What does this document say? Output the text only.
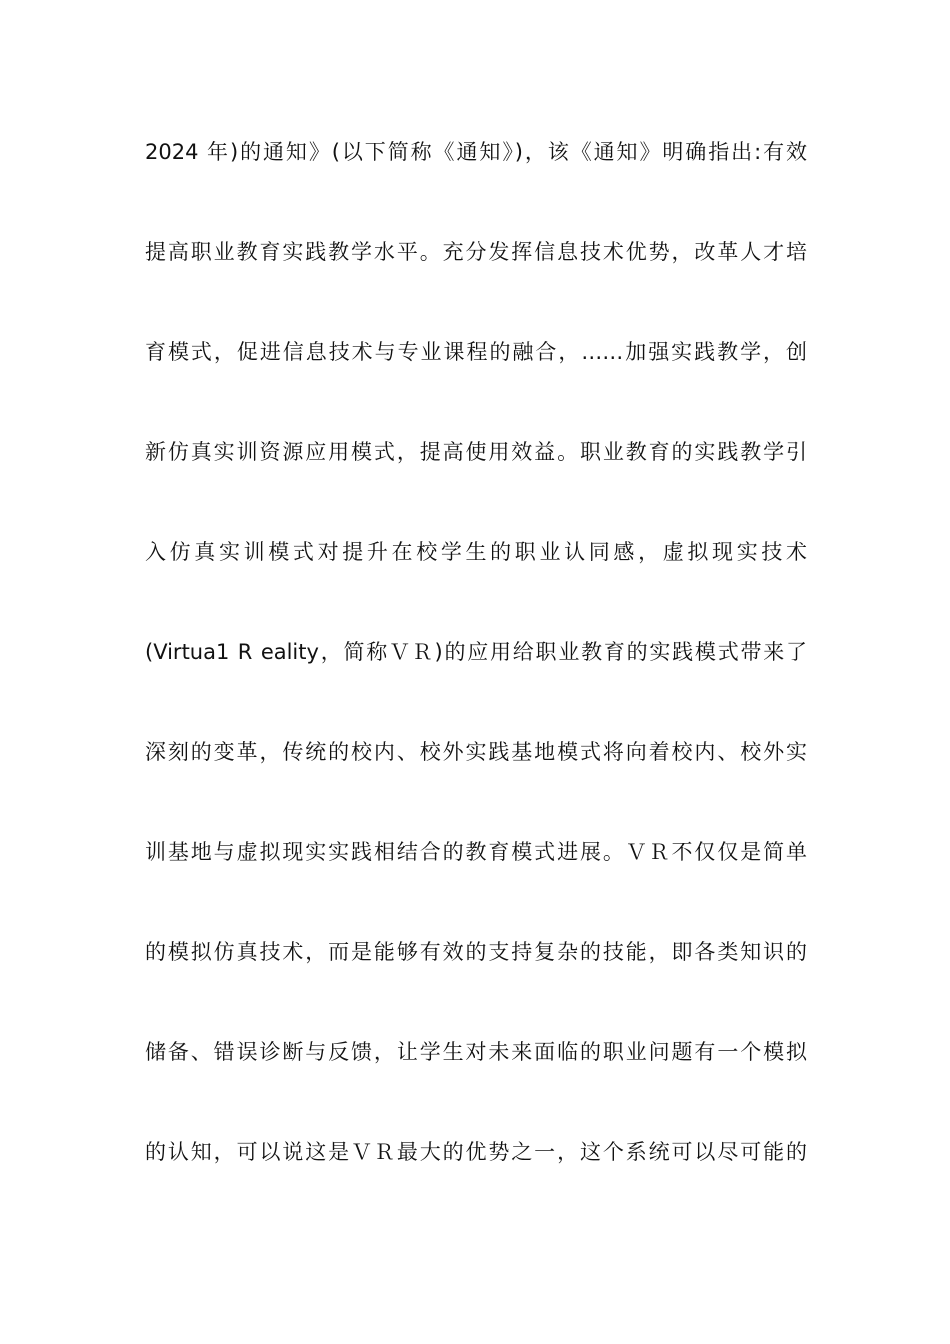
2024 年)的通知》(以下简称《通知》)，该《通知》明确指出:有效
提高职业教育实践教学水平。充分发挥信息技术优势，改革人才培
育模式，促进信息技术与专业课程的融合，……加强实践教学，创
新仿真实训资源应用模式，提高使用效益。职业教育的实践教学引
入仿真实训模式对提升在校学生的职业认同感，虚拟现实技术
(Virtua1 R eality，简称ＶＲ)的应用给职业教育的实践模式带来了
深刻的变革，传统的校内、校外实践基地模式将向着校内、校外实
训基地与虚拟现实实践相结合的教育模式进展。ＶＲ不仅仅是简单
的模拟仿真技术，而是能够有效的支持复杂的技能，即各类知识的
储备、错误诊断与反馈，让学生对未来面临的职业问题有一个模拟
的认知，可以说这是ＶＲ最大的优势之一，这个系统可以尽可能的
